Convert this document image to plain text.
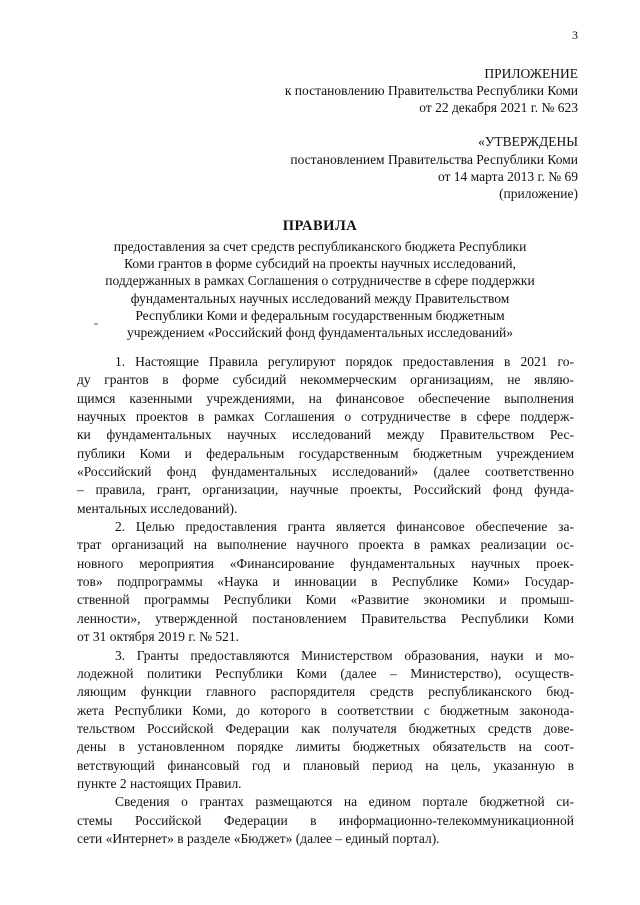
3
ПРИЛОЖЕНИЕ
к постановлению Правительства Республики Коми
от 22 декабря 2021 г. № 623
«УТВЕРЖДЕНЫ
постановлением Правительства Республики Коми
от 14 марта 2013 г. № 69
(приложение)
ПРАВИЛА
предоставления за счет средств республиканского бюджета Республики
Коми грантов в форме субсидий на проекты научных исследований,
поддержанных в рамках Соглашения о сотрудничестве в сфере поддержки
фундаментальных научных исследований между Правительством
Республики Коми и федеральным государственным бюджетным
учреждением «Российский фонд фундаментальных исследований»
-
1. Настоящие Правила регулируют порядок предоставления в 2021 го-
ду грантов в форме субсидий некоммерческим организациям, не являю-
щимся казенными учреждениями, на финансовое обеспечение выполнения
научных проектов в рамках Соглашения о сотрудничестве в сфере поддерж-
ки фундаментальных научных исследований между Правительством Рес-
публики Коми и федеральным государственным бюджетным учреждением
«Российский фонд фундаментальных исследований» (далее соответственно
– правила, грант, организации, научные проекты, Российский фонд фунда-
ментальных исследований).
2. Целью предоставления гранта является финансовое обеспечение за-
трат организаций на выполнение научного проекта в рамках реализации ос-
новного мероприятия «Финансирование фундаментальных научных проек-
тов» подпрограммы «Наука и инновации в Республике Коми» Государ-
ственной программы Республики Коми «Развитие экономики и промыш-
ленности», утвержденной постановлением Правительства Республики Коми
от 31 октября 2019 г. № 521.
3. Гранты предоставляются Министерством образования, науки и мо-
лодежной политики Республики Коми (далее – Министерство), осуществ-
ляющим функции главного распорядителя средств республиканского бюд-
жета Республики Коми, до которого в соответствии с бюджетным законода-
тельством Российской Федерации как получателя бюджетных средств дове-
дены в установленном порядке лимиты бюджетных обязательств на соот-
ветствующий финансовый год и плановый период на цель, указанную в
пункте 2 настоящих Правил.
Сведения о грантах размещаются на едином портале бюджетной си-
стемы Российской Федерации в информационно-телекоммуникационной
сети «Интернет» в разделе «Бюджет» (далее – единый портал).
